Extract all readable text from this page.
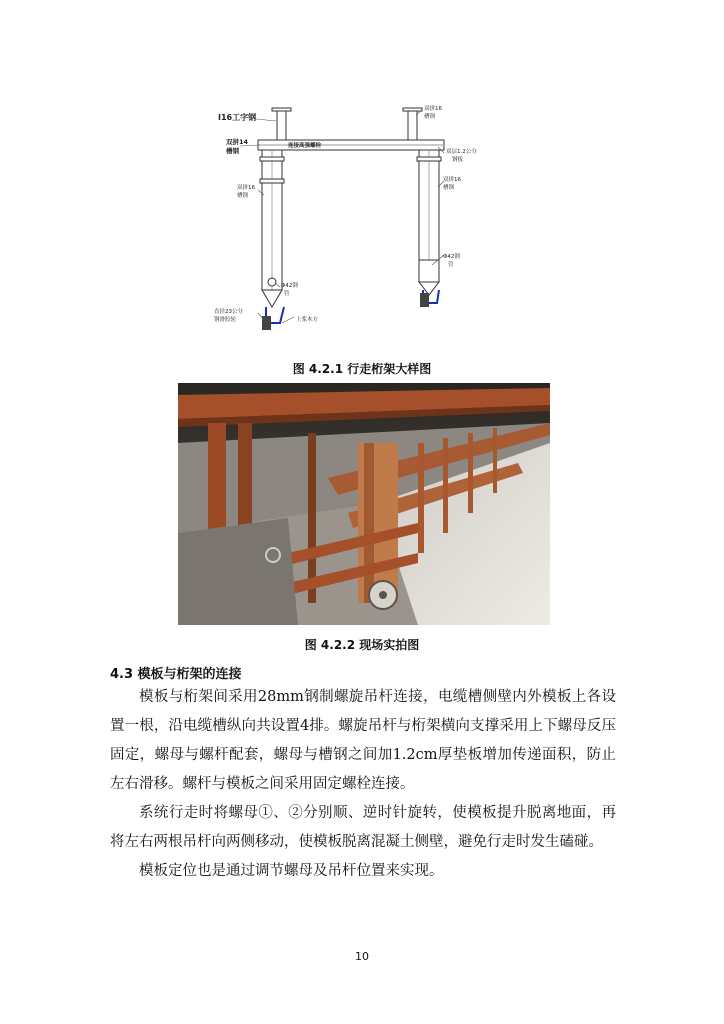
I16工字钢
双拼14
槽钢
连接高强螺栓
双拼16
槽钢
双层1.2公分
钢板
双拼16
槽钢
双拼16
槽钢
Φ42钢
管
Φ42钢
管
直径23公分
钢滑胶轮	上浆木方
图 4.2.1 行走桁架大样图
图 4.2.2 现场实拍图
4.3 模板与桁架的连接

模板与桁架间采用28mm钢制螺旋吊杆连接，电缆槽侧壁内外模板上各设置一根，沿电缆槽纵向共设置4排。螺旋吊杆与桁架横向支撑采用上下螺母反压固定，螺母与螺杆配套，螺母与槽钢之间加1.2cm厚垫板增加传递面积，防止左右滑移。螺杆与模板之间采用固定螺栓连接。

系统行走时将螺母①、②分别顺、逆时针旋转，使模板提升脱离地面，再将左右两根吊杆向两侧移动，使模板脱离混凝土侧壁，避免行走时发生磕碰。

模板定位也是通过调节螺母及吊杆位置来实现。

10
